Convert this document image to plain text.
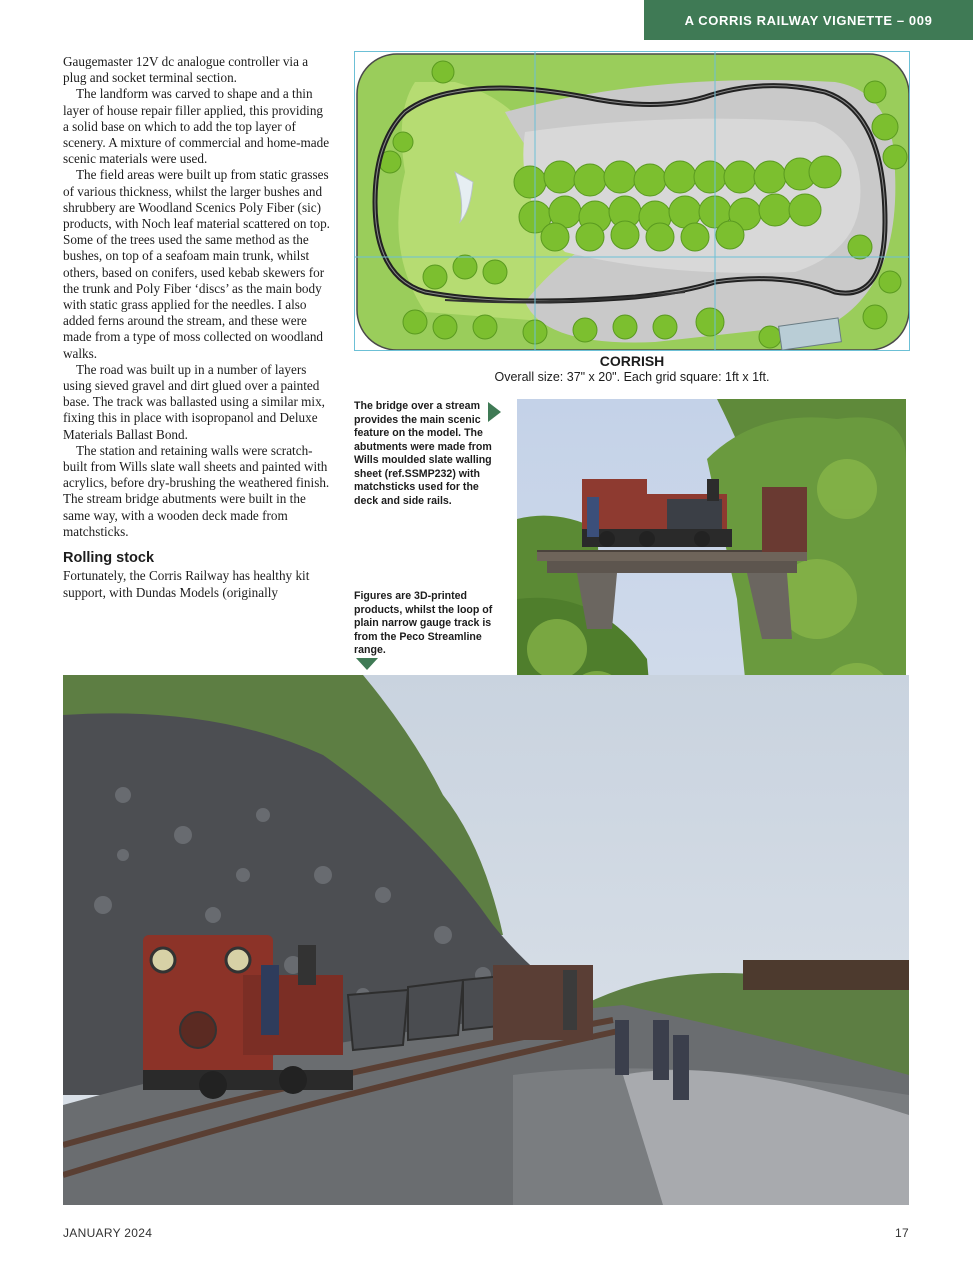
A CORRIS RAILWAY VIGNETTE – 009

Gaugemaster 12V dc analogue controller via a plug and socket terminal section.

The landform was carved to shape and a thin layer of house repair filler applied, this providing a solid base on which to add the top layer of scenery. A mixture of commercial and home-made scenic materials were used.

The field areas were built up from static grasses of various thickness, whilst the larger bushes and shrubbery are Woodland Scenics Poly Fiber (sic) products, with Noch leaf material scattered on top. Some of the trees used the same method as the bushes, on top of a seafoam main trunk, whilst others, based on conifers, used kebab skewers for the trunk and Poly Fiber ‘discs’ as the main body with static grass applied for the needles. I also added ferns around the stream, and these were made from a type of moss collected on woodland walks.

The road was built up in a number of layers using sieved gravel and dirt glued over a painted base. The track was ballasted using a similar mix, fixing this in place with isopropanol and Deluxe Materials Ballast Bond.

The station and retaining walls were scratch-built from Wills slate wall sheets and painted with acrylics, before dry-brushing the weathered finish. The stream bridge abutments were built in the same way, with a wooden deck made from matchsticks.

Rolling stock

Fortunately, the Corris Railway has healthy kit support, with Dundas Models (originally

CORRISH
Overall size: 37" x 20". Each grid square: 1ft x 1ft.
The bridge over a stream provides the main scenic feature on the model. The abutments were made from Wills moulded slate walling sheet (ref.SSMP232) with matchsticks used for the deck and side rails.
Figures are 3D-printed products, whilst the loop of plain narrow gauge track is from the Peco Streamline range.
JANUARY 2024	17
